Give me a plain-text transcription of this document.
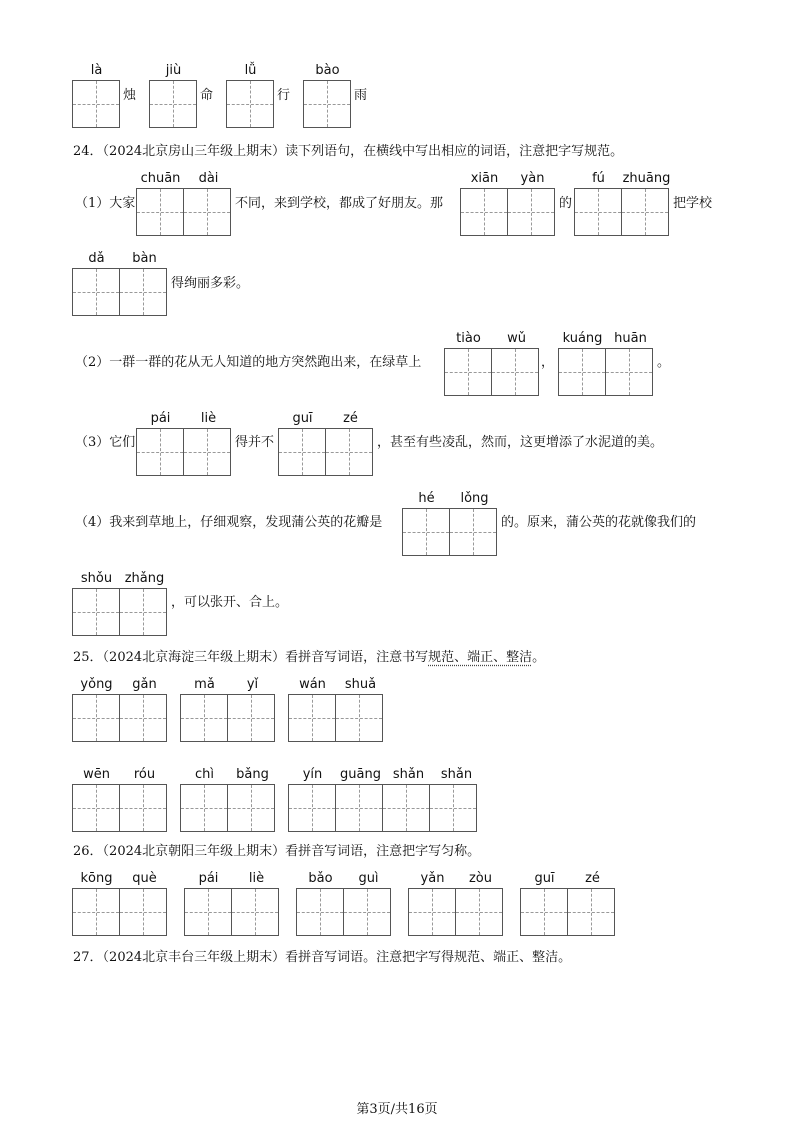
là
烛
jiù
命
lǚ
行
bào
雨
24．（2024北京房山三年级上期末）读下列语句，在横线中写出相应的词语，注意把字写规范。
（1）大家
chuān	dài
不同，来到学校，都成了好朋友。那
xiān	yàn
的
fú	zhuāng
把学校
dǎ	bàn
得绚丽多彩。
（2）一群一群的花从无人知道的地方突然跑出来，在绿草上
tiào	wǔ
，
kuáng huān
。
（3）它们
pái	liè
得并不
guī	zé
，甚至有些凌乱，然而，这更增添了水泥道的美。
（4）我来到草地上，仔细观察，发现蒲公英的花瓣是
hé	lǒng
的。原来，蒲公英的花就像我们的
shǒu zhǎng
，可以张开、合上。
25．（2024北京海淀三年级上期末）看拼音写词语，注意书写规范、端正、整洁。
yǒng	gǎn	mǎ	yǐ	wán	shuǎ
wēn	róu	chì	bǎng	yín	guāng shǎn	shǎn
26．（2024北京朝阳三年级上期末）看拼音写词语，注意把字写匀称。
kōng	què	pái	liè	bǎo	guì	yǎn	zòu	guī	zé
27．（2024北京丰台三年级上期末）看拼音写词语。注意把字写得规范、端正、整洁。
第3页/共16页
